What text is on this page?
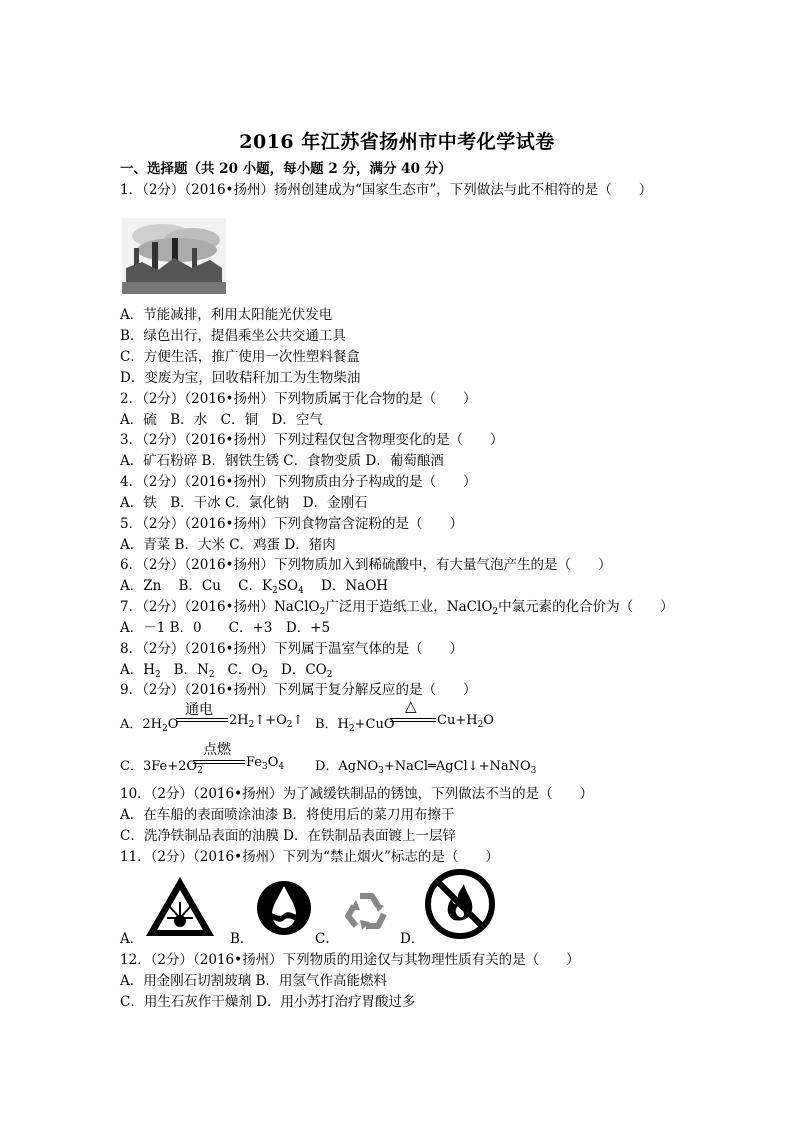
2016 年江苏省扬州市中考化学试卷
一、选择题（共 20 小题，每小题 2 分，满分 40 分）
1．（2分）（2016•扬州）扬州创建成为“国家生态市”，下列做法与此不相符的是（　　）
A．节能减排，利用太阳能光伏发电
B．绿色出行，提倡乘坐公共交通工具
C．方便生活，推广使用一次性塑料餐盒
D．变废为宝，回收秸秆加工为生物柴油
2．（2分）（2016•扬州）下列物质属于化合物的是（　　）
A．硫　B．水　C．铜　D．空气
3．（2分）（2016•扬州）下列过程仅包含物理变化的是（　　）
A．矿石粉碎 B．钢铁生锈 C．食物变质 D．葡萄酿酒
4．（2分）（2016•扬州）下列物质由分子构成的是（　　）
A．铁　B．干冰 C．氯化钠　D．金刚石
5．（2分）（2016•扬州）下列食物富含淀粉的是（　　）
A．青菜 B．大米 C．鸡蛋 D．猪肉
6．（2分）（2016•扬州）下列物质加入到稀硫酸中，有大量气泡产生的是（　　）
A．Zn B．Cu C．$K_2SO_4$ D．NaOH
7．（2分）（2016•扬州）NaClO$_2$广泛用于造纸工业，NaClO$_2$中氯元素的化合价为（　　）
A．－1 B．0　　C．+3　D．+5
8．（2分）（2016•扬州）下列属于温室气体的是（　　）
A．$H_2$ B．$N_2$ C．$O_2$ D．$CO_2$
9．（2分）（2016•扬州）下列属于复分解反应的是（　　）
A．$2H_2O$
通电
$2H_2↑+O_2↑$ B．$H_2+CuO$
△
$Cu+H_2O$
C．$3Fe+2O_2$
点燃
$Fe_3O_4$ D．AgNO$_3$+NaCl═AgCl↓+NaNO$_3$
10．（2分）（2016•扬州）为了减缓铁制品的锈蚀，下列做法不当的是（　　）
A．在车船的表面喷涂油漆 B．将使用后的菜刀用布擦干
C．洗净铁制品表面的油膜 D．在铁制品表面镀上一层锌
11．（2分）（2016•扬州）下列为“禁止烟火”标志的是（　　）
A．	B．	C．	D．
12．（2分）（2016•扬州）下列物质的用途仅与其物理性质有关的是（　　）
A．用金刚石切割玻璃 B．用氢气作高能燃料
C．用生石灰作干燥剂 D．用小苏打治疗胃酸过多
